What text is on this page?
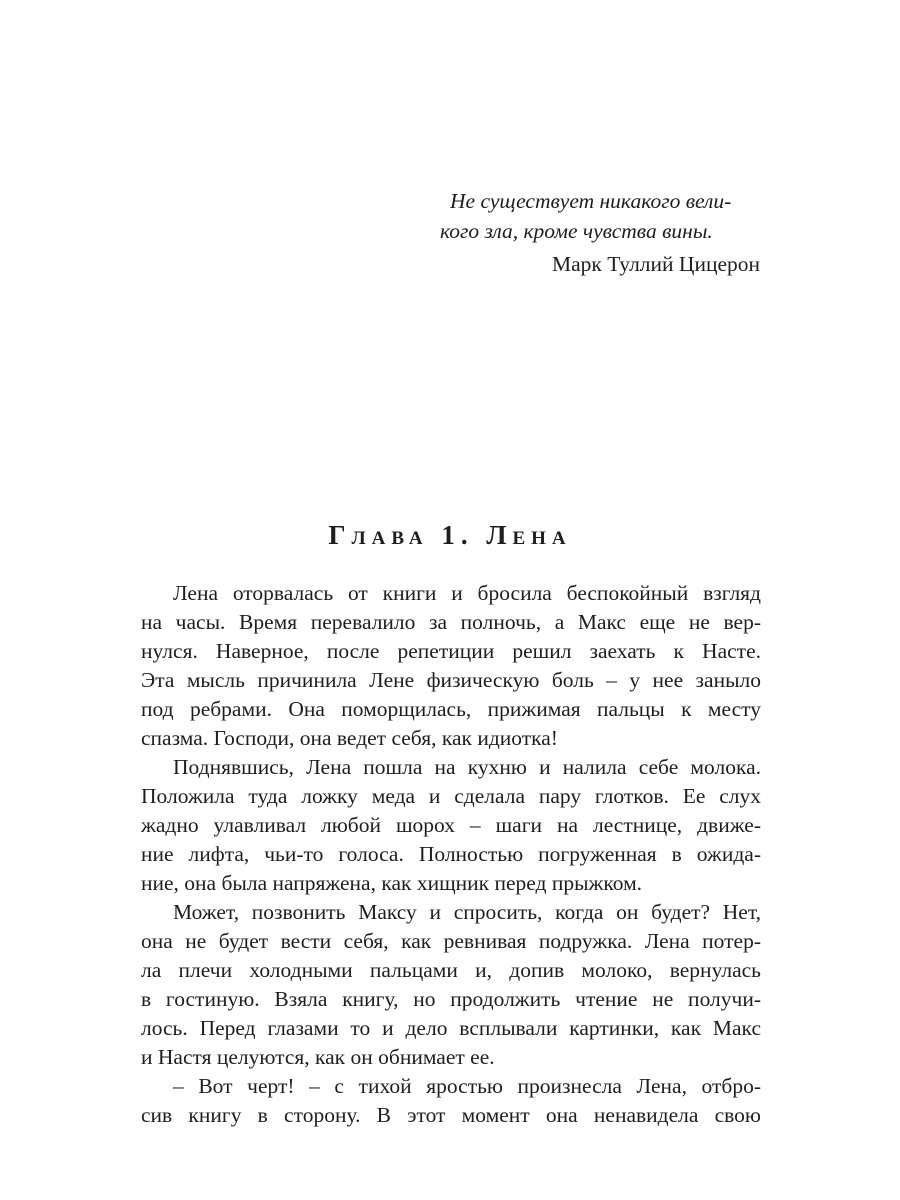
Не существует никакого вели-
кого зла, кроме чувства вины.
Марк Туллий Цицерон
Глава 1. Лена
Лена оторвалась от книги и бросила беспокойный взгляд
на часы. Время перевалило за полночь, а Макс еще не вер-
нулся. Наверное, после репетиции решил заехать к Насте.
Эта мысль причинила Лене физическую боль – у нее заныло
под ребрами. Она поморщилась, прижимая пальцы к месту
спазма. Господи, она ведет себя, как идиотка!
Поднявшись, Лена пошла на кухню и налила себе молока.
Положила туда ложку меда и сделала пару глотков. Ее слух
жадно улавливал любой шорох – шаги на лестнице, движе-
ние лифта, чьи-то голоса. Полностью погруженная в ожида-
ние, она была напряжена, как хищник перед прыжком.
Может, позвонить Максу и спросить, когда он будет? Нет,
она не будет вести себя, как ревнивая подружка. Лена потер-
ла плечи холодными пальцами и, допив молоко, вернулась
в гостиную. Взяла книгу, но продолжить чтение не получи-
лось. Перед глазами то и дело всплывали картинки, как Макс
и Настя целуются, как он обнимает ее.
– Вот черт! – с тихой яростью произнесла Лена, отбро-
сив книгу в сторону. В этот момент она ненавидела свою
